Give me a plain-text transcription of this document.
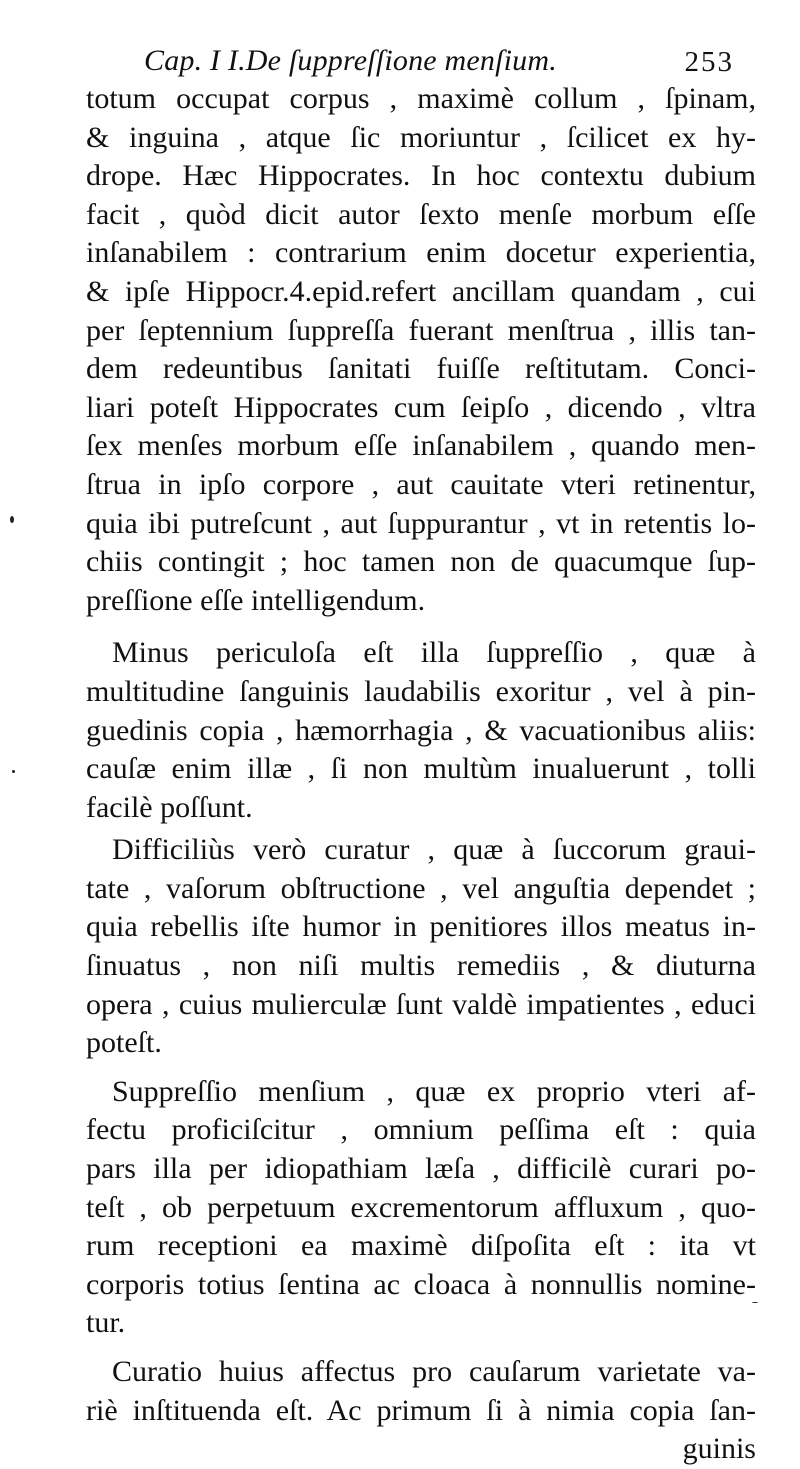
Cap. I I.De ſuppreſſione menſium.	253
totum occupat corpus , maximè collum , ſpinam,
& inguina , atque ſic moriuntur , ſcilicet ex hy-
drope. Hæc Hippocrates. In hoc contextu dubium
facit , quòd dicit autor ſexto menſe morbum eſſe
inſanabilem : contrarium enim docetur experientia,
& ipſe Hippocr.4.epid.refert ancillam quandam , cui
per ſeptennium ſuppreſſa fuerant menſtrua , illis tan-
dem redeuntibus ſanitati fuiſſe reſtitutam. Conci-
liari poteſt Hippocrates cum ſeipſo , dicendo , vltra
ſex menſes morbum eſſe inſanabilem , quando men-
ſtrua in ipſo corpore , aut cauitate vteri retinentur,
quia ibi putreſcunt , aut ſuppurantur , vt in retentis lo-
chiis contingit ; hoc tamen non de quacumque ſup-
preſſione eſſe intelligendum.
Minus periculoſa eſt illa ſuppreſſio , quæ à
multitudine ſanguinis laudabilis exoritur , vel à pin-
guedinis copia , hæmorrhagia , & vacuationibus aliis:
cauſæ enim illæ , ſi non multùm inualuerunt , tolli
facilè poſſunt.
Difficiliùs verò curatur , quæ à ſuccorum graui-
tate , vaſorum obſtructione , vel anguſtia dependet ;
quia rebellis iſte humor in penitiores illos meatus in-
ſinuatus , non niſi multis remediis , & diuturna
opera , cuius mulierculæ ſunt valdè impatientes , educi
poteſt.
Suppreſſio menſium , quæ ex proprio vteri af-
fectu proficiſcitur , omnium peſſima eſt : quia
pars illa per idiopathiam læſa , difficilè curari po-
teſt , ob perpetuum excrementorum affluxum , quo-
rum receptioni ea maximè diſpoſita eſt : ita vt
corporis totius ſentina ac cloaca à nonnullis nomine-
tur.
Curatio huius affectus pro cauſarum varietate va-
riè inſtituenda eſt. Ac primum ſi à nimia copia ſan-
guinis
